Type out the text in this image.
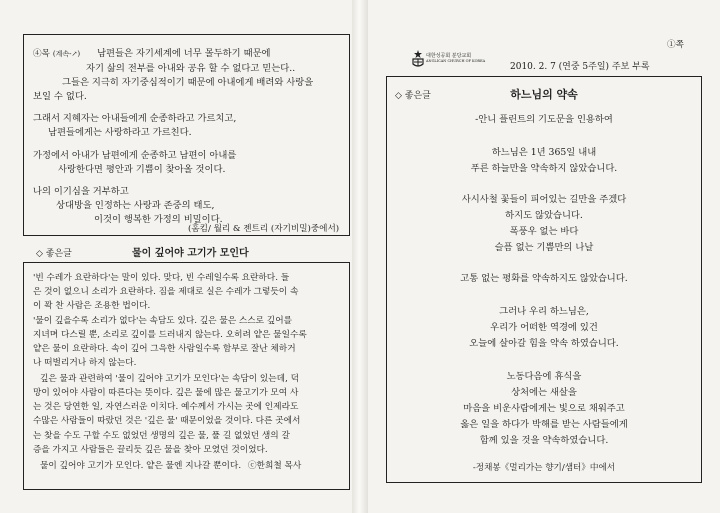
④목 (계속-↗) 남편들은 자기세계에 너무 몰두하기 때문에
자기 삶의 전부를 아내와 공유 할 수 없다고 믿는다..
그들은 지극히 자기중심적이기 때문에 아내에게 배려와 사랑을
보일 수 없다.
그래서 지혜자는 아내들에게 순종하라고 가르치고,
남편들에게는 사랑하라고 가르친다.
가정에서 아내가 남편에게 순종하고 남편이 아내를
사랑한다면 평안과 기쁨이 찾아올 것이다.
나의 이기심을 거부하고
상대방을 인정하는 사랑과 존중의 태도,
이것이 행복한 가정의 비밀이다.
(홈킴/ 월리 & 젠트리 (자기비밀)중에서)
◇ 좋은글	물이 깊어야 고기가 모인다
'빈 수레가 요란하다'는 말이 있다. 맞다, 빈 수레일수록 요란하다. 들
은 것이 없으니 소리가 요란하다. 짐을 제대로 실은 수레가 그렇듯이 속
이 꽉 찬 사람은 조용한 법이다.
'물이 깊을수록 소리가 없다'는 속담도 있다. 깊은 물은 스스로 깊어를
지녀며 다스릴 뿐, 소리로 깊이를 드러내지 않는다. 오히려 얕은 물일수록
얕은 물이 요란하다. 속이 깊어 그윽한 사람일수록 함부로 잘난 체하거
나 떠벌리거나 하지 않는다.
깊은 물과 관련하여 '물이 깊어야 고기가 모인다'는 속담이 있는데, 덕
망이 있어야 사람이 따른다는 뜻이다. 깊은 물에 많은 물고기가 모여 사
는 것은 당연한 일, 자연스러운 이치다. 예수께서 가시는 곳에 인제라도
수많은 사람들이 따랐던 것은 '깊은 물' 때문이었을 것이다. 다른 곳에서
는 찾을 수도 구할 수도 없었던 생명의 깊은 물, 풀 길 없었던 생의 갈
증을 가지고 사람들은 끌리듯 깊은 물을 찾아 모였던 것이었다.
물이 깊어야 고기가 모인다. 얕은 물엔 지나갈 뿐이다. ⓒ한희철 목사
①쪽
대한성공회 분당교회
ANGLICAN CHURCH OF KOREA
2010. 2. 7 (연중 5주일) 주보 부록
◇ 좋은글	하느님의 약속
-안니 플린트의 기도문을 인용하여
하느님은 1년 365일 내내
푸른 하늘만을 약속하지 않았습니다.
사시사철 꽃들이 피어있는 길만을 주겠다
하지도 않았습니다.
폭풍우 없는 바다
슬픔 없는 기쁨만의 나날
고통 없는 평화를 약속하지도 않았습니다.
그러나 우리 하느님은,
우리가 어떠한 역경에 있건
오늘에 살아갈 힘을 약속 하였습니다.
노동다음에 휴식을
상처에는 새살을
마음을 비운사람에게는 빛으로 채워주고
옳은 일을 하다가 박해를 받는 사람들에게
함께 있을 것을 약속하였습니다.
-정채봉《멀리가는 향기/샘터》中에서
